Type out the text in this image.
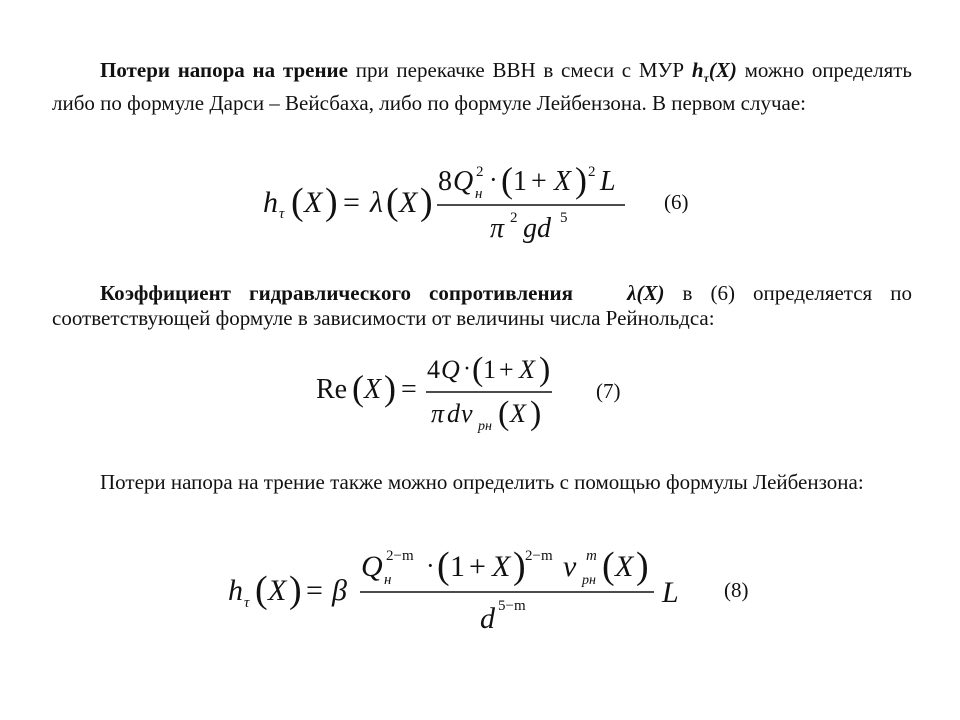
Потери напора на трение при перекачке ВВН в смеси с МУР $h_\tau(X)$ можно определять либо по формуле Дарси – Вейсбаха, либо по формуле Лейбензона. В первом случае:
h τ ( X ) = λ ( X ) 8 Q 2
н · ( 1 + X ) 2 L
π 2 gd 5
(6)
Коэффициент гидравлического сопротивления	λ(X) в (6) определяется по соответствующей формуле в зависимости от величины числа Рейнольдса:
Re ( X ) =
4 Q · ( 1 + X )
π d ν рн ( X )
(7)
Потери напора на трение также можно определить с помощью формулы Лейбензона:
h τ ( X ) = β
Q 2−m
н · ( 1 + X ) 2−m ν m
рн ( X )
L
d 5−m
(8)
